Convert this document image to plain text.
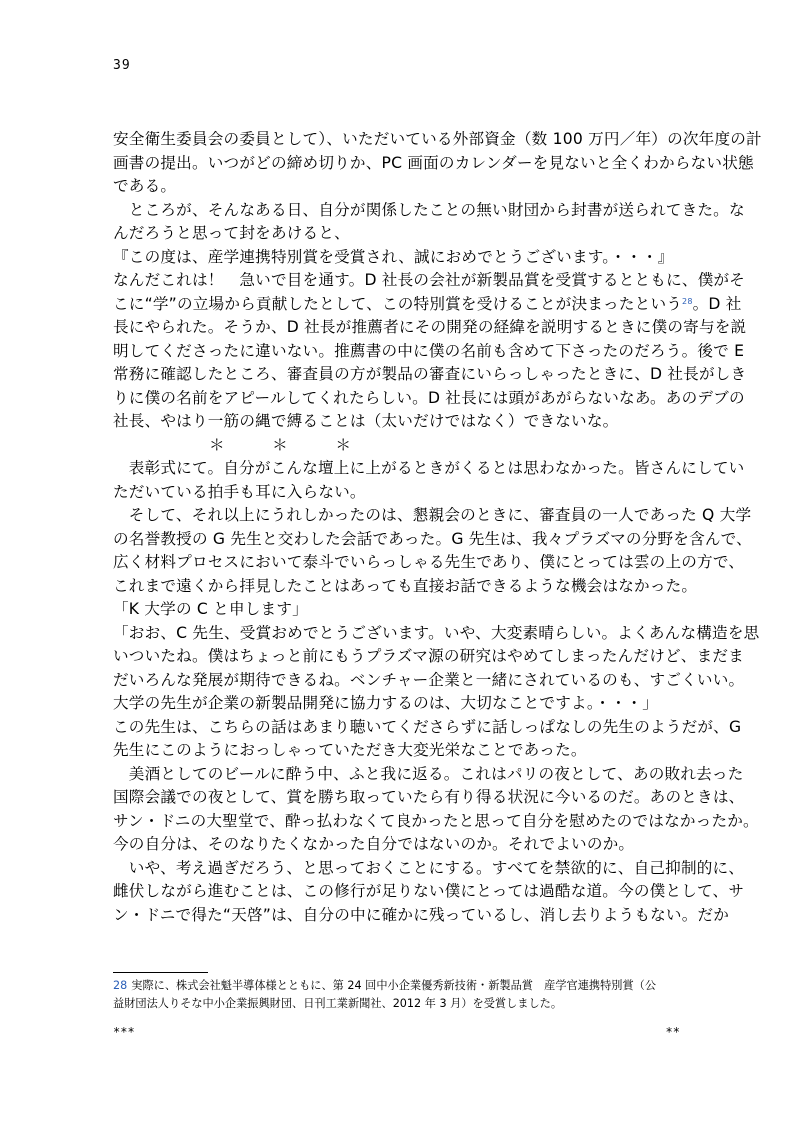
39
安全衛生委員会の委員として）、いただいている外部資金（数 100 万円／年）の次年度の計
画書の提出。いつがどの締め切りか、PC 画面のカレンダーを見ないと全くわからない状態
である。
　ところが、そんなある日、自分が関係したことの無い財団から封書が送られてきた。な
んだろうと思って封をあけると、
『この度は、産学連携特別賞を受賞され、誠におめでとうございます。・・・』
なんだこれは！　急いで目を通す。D 社長の会社が新製品賞を受賞するとともに、僕がそ
こに“学”の立場から貢献したとして、この特別賞を受けることが決まったという$^{28}$。D 社
長にやられた。そうか、D 社長が推薦者にその開発の経緯を説明するときに僕の寄与を説
明してくださったに違いない。推薦書の中に僕の名前も含めて下さったのだろう。後で E
常務に確認したところ、審査員の方が製品の審査にいらっしゃったときに、D 社長がしき
りに僕の名前をアピールしてくれたらしい。D 社長には頭があがらないなあ。あのデブの
社長、やはり一筋の縄で縛ることは（太いだけではなく）できないな。
＊　　　＊　　　＊
　表彰式にて。自分がこんな壇上に上がるときがくるとは思わなかった。皆さんにしてい
ただいている拍手も耳に入らない。
　そして、それ以上にうれしかったのは、懇親会のときに、審査員の一人であった Q 大学
の名誉教授の G 先生と交わした会話であった。G 先生は、我々プラズマの分野を含んで、
広く材料プロセスにおいて泰斗でいらっしゃる先生であり、僕にとっては雲の上の方で、
これまで遠くから拝見したことはあっても直接お話できるような機会はなかった。
「K 大学の C と申します」
「おお、C 先生、受賞おめでとうございます。いや、大変素晴らしい。よくあんな構造を思
いついたね。僕はちょっと前にもうプラズマ源の研究はやめてしまったんだけど、まだま
だいろんな発展が期待できるね。ベンチャー企業と一緒にされているのも、すごくいい。
大学の先生が企業の新製品開発に協力するのは、大切なことですよ。・・・」
この先生は、こちらの話はあまり聴いてくださらずに話しっぱなしの先生のようだが、G
先生にこのようにおっしゃっていただき大変光栄なことであった。
　美酒としてのビールに酔う中、ふと我に返る。これはパリの夜として、あの敗れ去った
国際会議での夜として、賞を勝ち取っていたら有り得る状況に今いるのだ。あのときは、
サン・ドニの大聖堂で、酔っ払わなくて良かったと思って自分を慰めたのではなかったか。
今の自分は、そのなりたくなかった自分ではないのか。それでよいのか。
　いや、考え過ぎだろう、と思っておくことにする。すべてを禁欲的に、自己抑制的に、
雌伏しながら進むことは、この修行が足りない僕にとっては過酷な道。今の僕として、サ
ン・ドニで得た“天啓”は、自分の中に確かに残っているし、消し去りようもない。だか
28 実際に、株式会社魁半導体様とともに、第 24 回中小企業優秀新技術・新製品賞　産学官連携特別賞（公
益財団法人りそな中小企業振興財団、日刊工業新聞社、2012 年 3 月）を受賞しました。
***	**
